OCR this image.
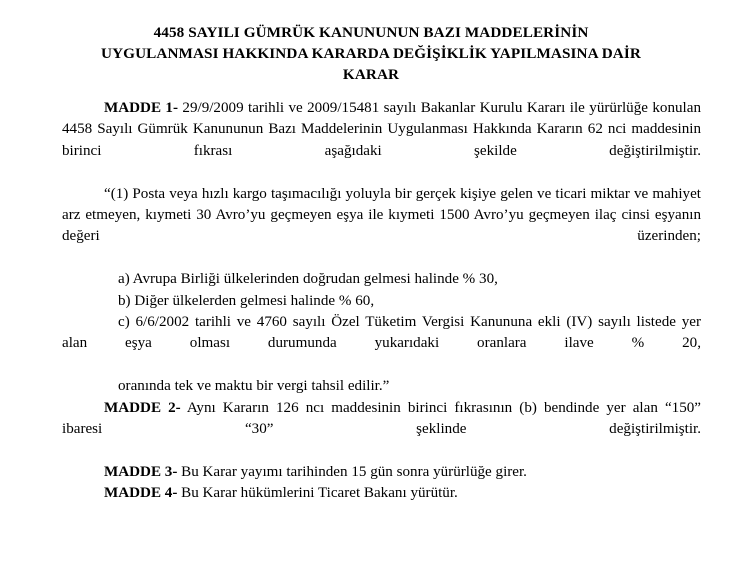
4458 SAYILI GÜMRÜK KANUNUNUN BAZI MADDELERİNİN
UYGULANMASI HAKKINDA KARARDA DEĞİŞİKLİK YAPILMASINA DAİR
KARAR

MADDE 1- 29/9/2009 tarihli ve 2009/15481 sayılı Bakanlar Kurulu Kararı ile yürürlüğe konulan 4458 Sayılı Gümrük Kanununun Bazı Maddelerinin Uygulanması Hakkında Kararın 62 nci maddesinin birinci fıkrası aşağıdaki şekilde değiştirilmiştir.

“(1) Posta veya hızlı kargo taşımacılığı yoluyla bir gerçek kişiye gelen ve ticari miktar ve mahiyet arz etmeyen, kıymeti 30 Avro’yu geçmeyen eşya ile kıymeti 1500 Avro’yu geçmeyen ilaç cinsi eşyanın değeri üzerinden;

a) Avrupa Birliği ülkelerinden doğrudan gelmesi halinde % 30,

b) Diğer ülkelerden gelmesi halinde % 60,

c) 6/6/2002 tarihli ve 4760 sayılı Özel Tüketim Vergisi Kanununa ekli (IV) sayılı listede yer alan eşya olması durumunda yukarıdaki oranlara ilave % 20,

oranında tek ve maktu bir vergi tahsil edilir.”

MADDE 2- Aynı Kararın 126 ncı maddesinin birinci fıkrasının (b) bendinde yer alan “150” ibaresi “30” şeklinde değiştirilmiştir.

MADDE 3- Bu Karar yayımı tarihinden 15 gün sonra yürürlüğe girer.

MADDE 4- Bu Karar hükümlerini Ticaret Bakanı yürütür.
